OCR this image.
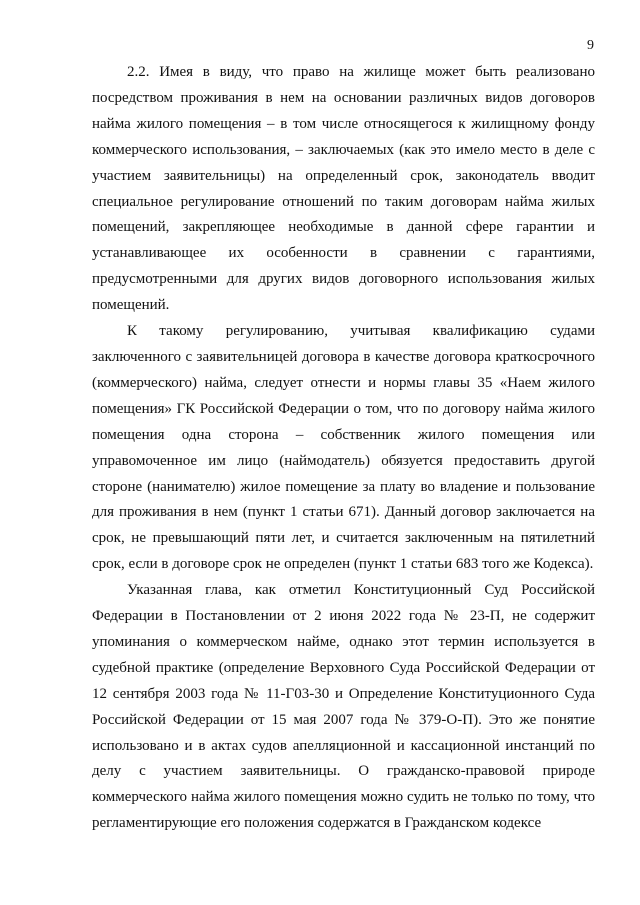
9

2.2. Имея в виду, что право на жилище может быть реализовано посредством проживания в нем на основании различных видов договоров найма жилого помещения – в том числе относящегося к жилищному фонду коммерческого использования, – заключаемых (как это имело место в деле с участием заявительницы) на определенный срок, законодатель вводит специальное регулирование отношений по таким договорам найма жилых помещений, закрепляющее необходимые в данной сфере гарантии и устанавливающее их особенности в сравнении с гарантиями, предусмотренными для других видов договорного использования жилых помещений.

К такому регулированию, учитывая квалификацию судами заключенного с заявительницей договора в качестве договора краткосрочного (коммерческого) найма, следует отнести и нормы главы 35 «Наем жилого помещения» ГК Российской Федерации о том, что по договору найма жилого помещения одна сторона – собственник жилого помещения или управомоченное им лицо (наймодатель) обязуется предоставить другой стороне (нанимателю) жилое помещение за плату во владение и пользование для проживания в нем (пункт 1 статьи 671). Данный договор заключается на срок, не превышающий пяти лет, и считается заключенным на пятилетний срок, если в договоре срок не определен (пункт 1 статьи 683 того же Кодекса).

Указанная глава, как отметил Конституционный Суд Российской Федерации в Постановлении от 2 июня 2022 года № 23-П, не содержит упоминания о коммерческом найме, однако этот термин используется в судебной практике (определение Верховного Суда Российской Федерации от 12 сентября 2003 года № 11-Г03-30 и Определение Конституционного Суда Российской Федерации от 15 мая 2007 года № 379-О-П). Это же понятие использовано и в актах судов апелляционной и кассационной инстанций по делу с участием заявительницы. О гражданско-правовой природе коммерческого найма жилого помещения можно судить не только по тому, что регламентирующие его положения содержатся в Гражданском кодексе
